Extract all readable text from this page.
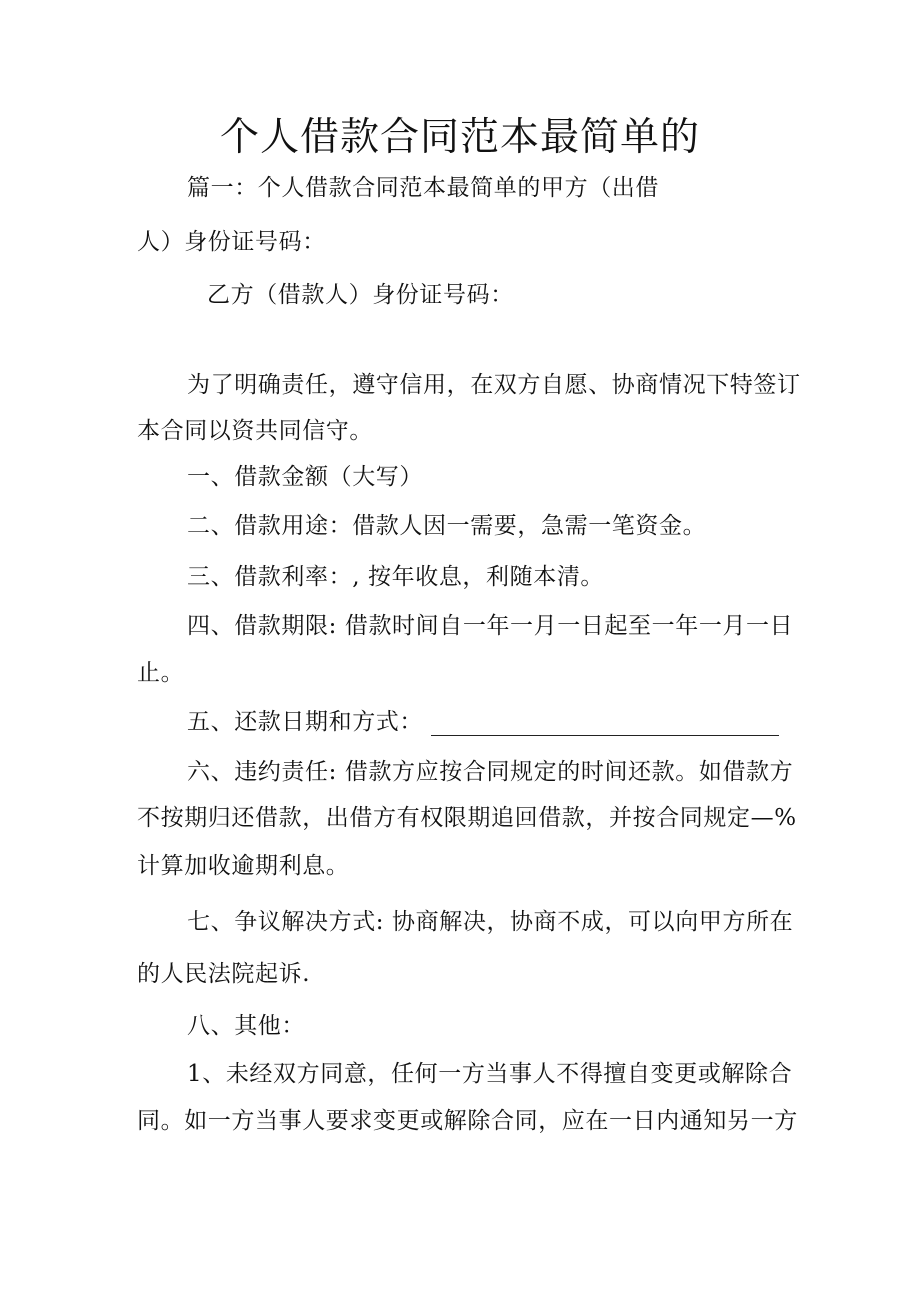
个人借款合同范本最简单的
篇一：个人借款合同范本最简单的甲方（出借
人）身份证号码：
乙方（借款人）身份证号码：
为了明确责任，遵守信用，在双方自愿、协商情况下特签订
本合同以资共同信守。
一、借款金额（大写）
二、借款用途：借款人因一需要，急需一笔资金。
三、借款利率：, 按年收息，利随本清。
四、借款期限: 借款时间自一年一月一日起至一年一月一日
止。
五、还款日期和方式：
六、违约责任: 借款方应按合同规定的时间还款。如借款方
不按期归还借款，出借方有权限期追回借款，并按合同规定—%
计算加收逾期利息。
七、争议解决方式: 协商解决，协商不成，可以向甲方所在
的人民法院起诉.
八、其他：
1、未经双方同意，任何一方当事人不得擅自变更或解除合
同。如一方当事人要求变更或解除合同，应在一日内通知另一方
